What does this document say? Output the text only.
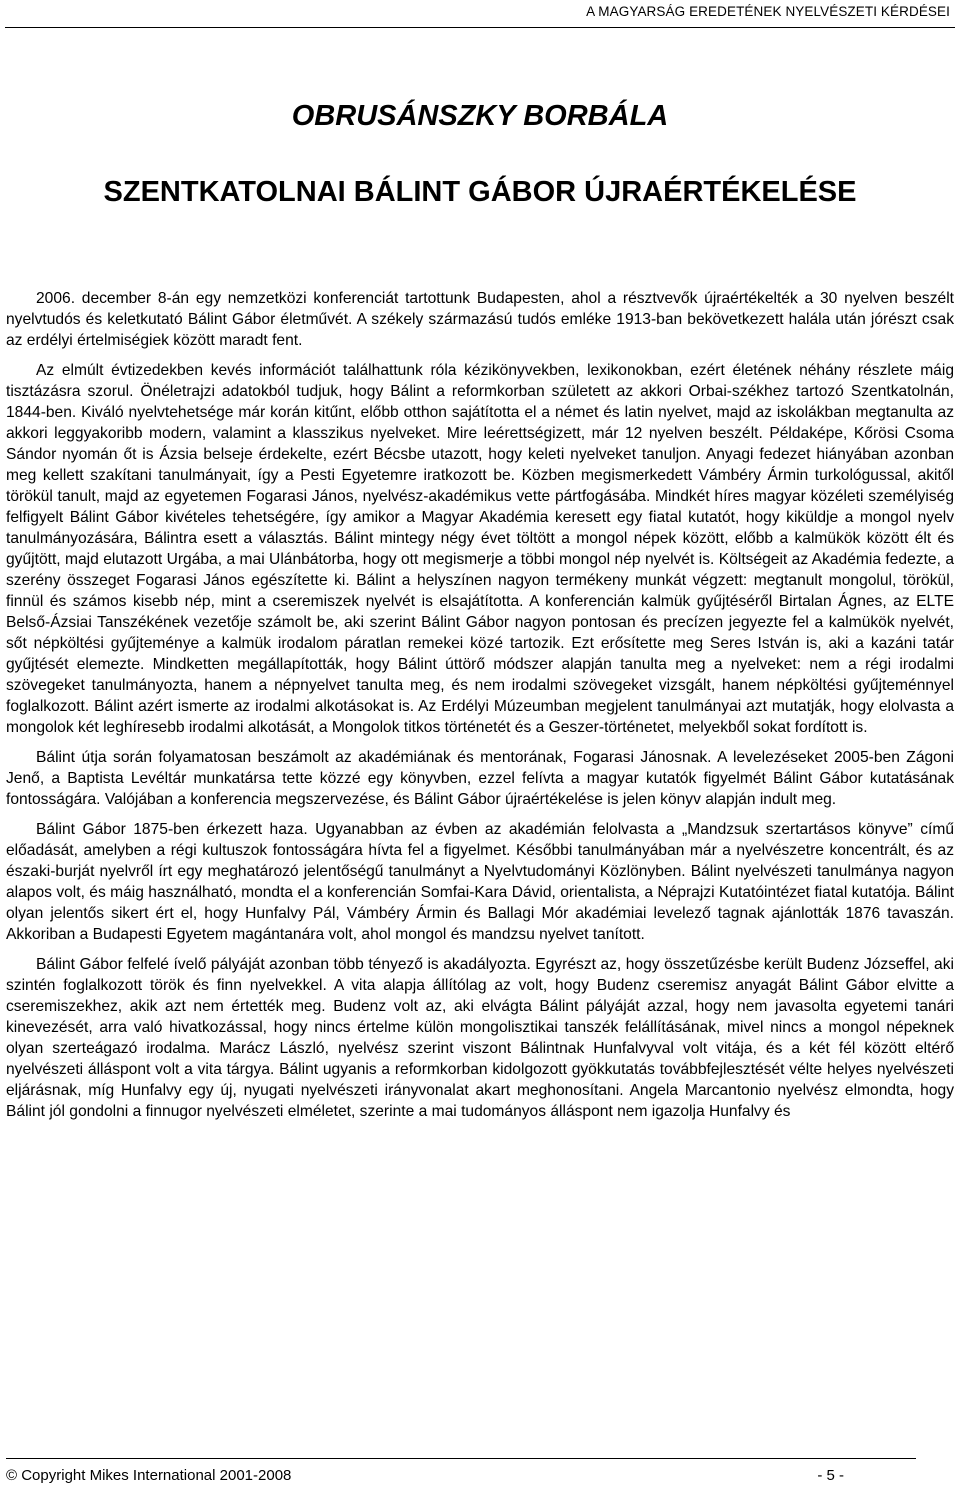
A MAGYARSÁG EREDETÉNEK NYELVÉSZETI KÉRDÉSEI
OBRUSÁNSZKY BORBÁLA
SZENTKATOLNAI BÁLINT GÁBOR ÚJRAÉRTÉKELÉSE

2006. december 8-án egy nemzetközi konferenciát tartottunk Budapesten, ahol a résztvevők újraértékelték a 30 nyelven beszélt nyelvtudós és keletkutató Bálint Gábor életművét. A székely származású tudós emléke 1913-ban bekövetkezett halála után jórészt csak az erdélyi értelmiségiek között maradt fent.

Az elmúlt évtizedekben kevés információt találhattunk róla kézikönyvekben, lexikonokban, ezért életének néhány részlete máig tisztázásra szorul. Önéletrajzi adatokból tudjuk, hogy Bálint a reformkorban született az akkori Orbai-székhez tartozó Szentkatolnán, 1844-ben. Kiváló nyelvtehetsége már korán kitűnt, előbb otthon sajátította el a német és latin nyelvet, majd az iskolákban megtanulta az akkori leggyakoribb modern, valamint a klasszikus nyelveket. Mire leérettségizett, már 12 nyelven beszélt. Példaképe, Kőrösi Csoma Sándor nyomán őt is Ázsia belseje érdekelte, ezért Bécsbe utazott, hogy keleti nyelveket tanuljon. Anyagi fedezet hiányában azonban meg kellett szakítani tanulmányait, így a Pesti Egyetemre iratkozott be. Közben megismerkedett Vámbéry Ármin turkológussal, akitől törökül tanult, majd az egyetemen Fogarasi János, nyelvész-akadémikus vette pártfogásába. Mindkét híres magyar közéleti személyiség felfigyelt Bálint Gábor kivételes tehetségére, így amikor a Magyar Akadémia keresett egy fiatal kutatót, hogy kiküldje a mongol nyelv tanulmányozására, Bálintra esett a választás. Bálint mintegy négy évet töltött a mongol népek között, előbb a kalmükök között élt és gyűjtött, majd elutazott Urgába, a mai Ulánbátorba, hogy ott megismerje a többi mongol nép nyelvét is. Költségeit az Akadémia fedezte, a szerény összeget Fogarasi János egészítette ki. Bálint a helyszínen nagyon termékeny munkát végzett: megtanult mongolul, törökül, finnül és számos kisebb nép, mint a cseremiszek nyelvét is elsajátította. A konferencián kalmük gyűjtéséről Birtalan Ágnes, az ELTE Belső-Ázsiai Tanszékének vezetője számolt be, aki szerint Bálint Gábor nagyon pontosan és precízen jegyezte fel a kalmükök nyelvét, sőt népköltési gyűjteménye a kalmük irodalom páratlan remekei közé tartozik. Ezt erősítette meg Seres István is, aki a kazáni tatár gyűjtését elemezte. Mindketten megállapították, hogy Bálint úttörő módszer alapján tanulta meg a nyelveket: nem a régi irodalmi szövegeket tanulmányozta, hanem a népnyelvet tanulta meg, és nem irodalmi szövegeket vizsgált, hanem népköltési gyűjteménnyel foglalkozott. Bálint azért ismerte az irodalmi alkotásokat is. Az Erdélyi Múzeumban megjelent tanulmányai azt mutatják, hogy elolvasta a mongolok két leghíresebb irodalmi alkotását, a Mongolok titkos történetét és a Geszer-történetet, melyekből sokat fordított is.

Bálint útja során folyamatosan beszámolt az akadémiának és mentorának, Fogarasi Jánosnak. A levelezéseket 2005-ben Zágoni Jenő, a Baptista Levéltár munkatársa tette közzé egy könyvben, ezzel felívta a magyar kutatók figyelmét Bálint Gábor kutatásának fontosságára. Valójában a konferencia megszervezése, és Bálint Gábor újraértékelése is jelen könyv alapján indult meg.

Bálint Gábor 1875-ben érkezett haza. Ugyanabban az évben az akadémián felolvasta a „Mandzsuk szertartásos könyve” című előadását, amelyben a régi kultuszok fontosságára hívta fel a figyelmet. Későbbi tanulmányában már a nyelvészetre koncentrált, és az északi-burját nyelvről írt egy meghatározó jelentőségű tanulmányt a Nyelvtudományi Közlönyben. Bálint nyelvészeti tanulmánya nagyon alapos volt, és máig használható, mondta el a konferencián Somfai-Kara Dávid, orientalista, a Néprajzi Kutatóintézet fiatal kutatója. Bálint olyan jelentős sikert ért el, hogy Hunfalvy Pál, Vámbéry Ármin és Ballagi Mór akadémiai levelező tagnak ajánlották 1876 tavaszán. Akkoriban a Budapesti Egyetem magántanára volt, ahol mongol és mandzsu nyelvet tanított.

Bálint Gábor felfelé ívelő pályáját azonban több tényező is akadályozta. Egyrészt az, hogy összetűzésbe került Budenz Józseffel, aki szintén foglalkozott török és finn nyelvekkel. A vita alapja állítólag az volt, hogy Budenz cseremisz anyagát Bálint Gábor elvitte a cseremiszekhez, akik azt nem értették meg. Budenz volt az, aki elvágta Bálint pályáját azzal, hogy nem javasolta egyetemi tanári kinevezését, arra való hivatkozással, hogy nincs értelme külön mongolisztikai tanszék felállításának, mivel nincs a mongol népeknek olyan szerteágazó irodalma. Marácz László, nyelvész szerint viszont Bálintnak Hunfalvyval volt vitája, és a két fél között eltérő nyelvészeti álláspont volt a vita tárgya. Bálint ugyanis a reformkorban kidolgozott gyökkutatás továbbfejlesztését vélte helyes nyelvészeti eljárásnak, míg Hunfalvy egy új, nyugati nyelvészeti irányvonalat akart meghonosítani. Angela Marcantonio nyelvész elmondta, hogy Bálint jól gondolni a finnugor nyelvészeti elméletet, szerinte a mai tudományos álláspont nem igazolja Hunfalvy és

© Copyright Mikes International 2001-2008	- 5 -
